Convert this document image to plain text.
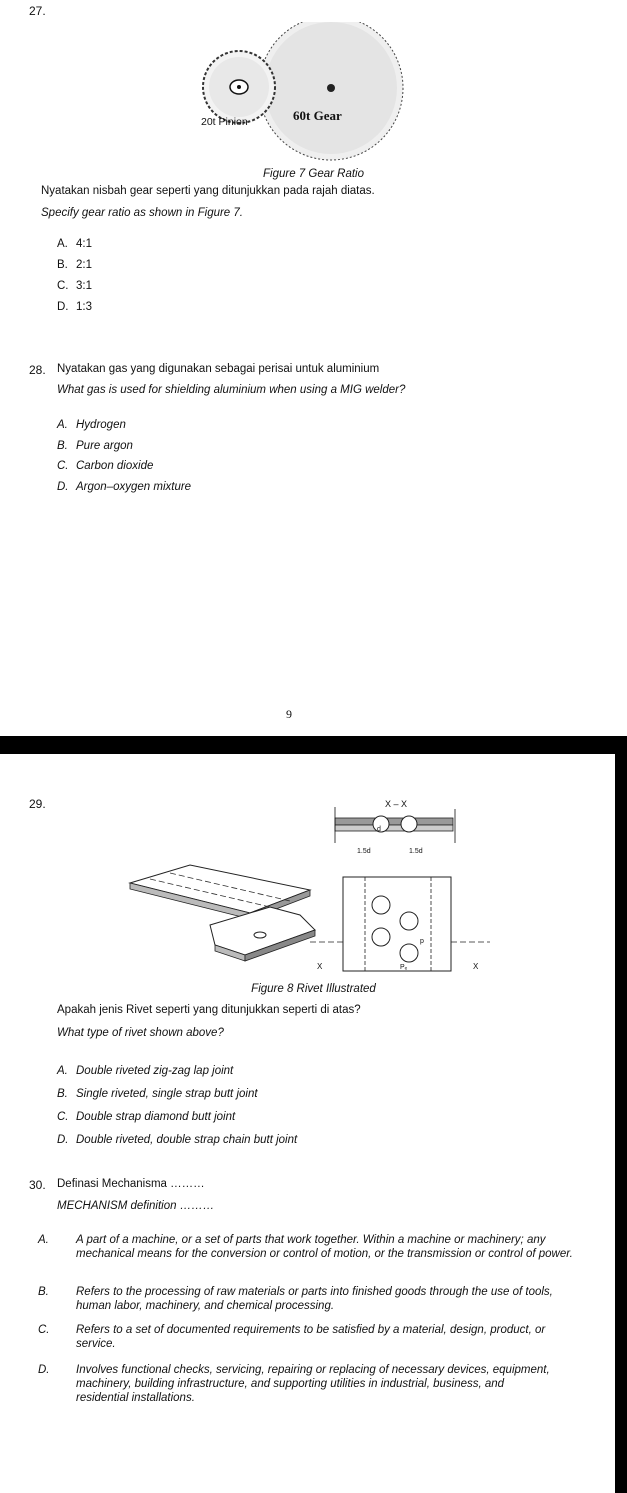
27.
20t Pinion	60t Gear
Figure 7 Gear Ratio
Nyatakan nisbah gear seperti yang ditunjukkan pada rajah diatas.
Specify gear ratio as shown in Figure 7.
A. 4:1
B. 2:1
C. 3:1
D. 1:3
28. Nyatakan gas yang digunakan sebagai perisai untuk aluminium
What gas is used for shielding aluminium when using a MIG welder?
A. Hydrogen
B. Pure argon
C. Carbon dioxide
D. Argon–oxygen mixture
9
29.	X – X
d
1.5d	1.5d
X	X
p
Pₑ
Figure 8 Rivet Illustrated
Apakah jenis Rivet seperti yang ditunjukkan seperti di atas?
What type of rivet shown above?
A. Double riveted zig-zag lap joint
B. Single riveted, single strap butt joint
C. Double strap diamond butt joint
D. Double riveted, double strap chain butt joint
30. Definasi Mechanisma ………
MECHANISM definition ………
A. A part of a machine, or a set of parts that work together. Within a machine or machinery; any mechanical means for the conversion or control of motion, or the transmission or control of power.
B. Refers to the processing of raw materials or parts into finished goods through the use of tools, human labor, machinery, and chemical processing.
C. Refers to a set of documented requirements to be satisfied by a material, design, product, or service.
D. Involves functional checks, servicing, repairing or replacing of necessary devices, equipment, machinery, building infrastructure, and supporting utilities in industrial, business, and residential installations.
